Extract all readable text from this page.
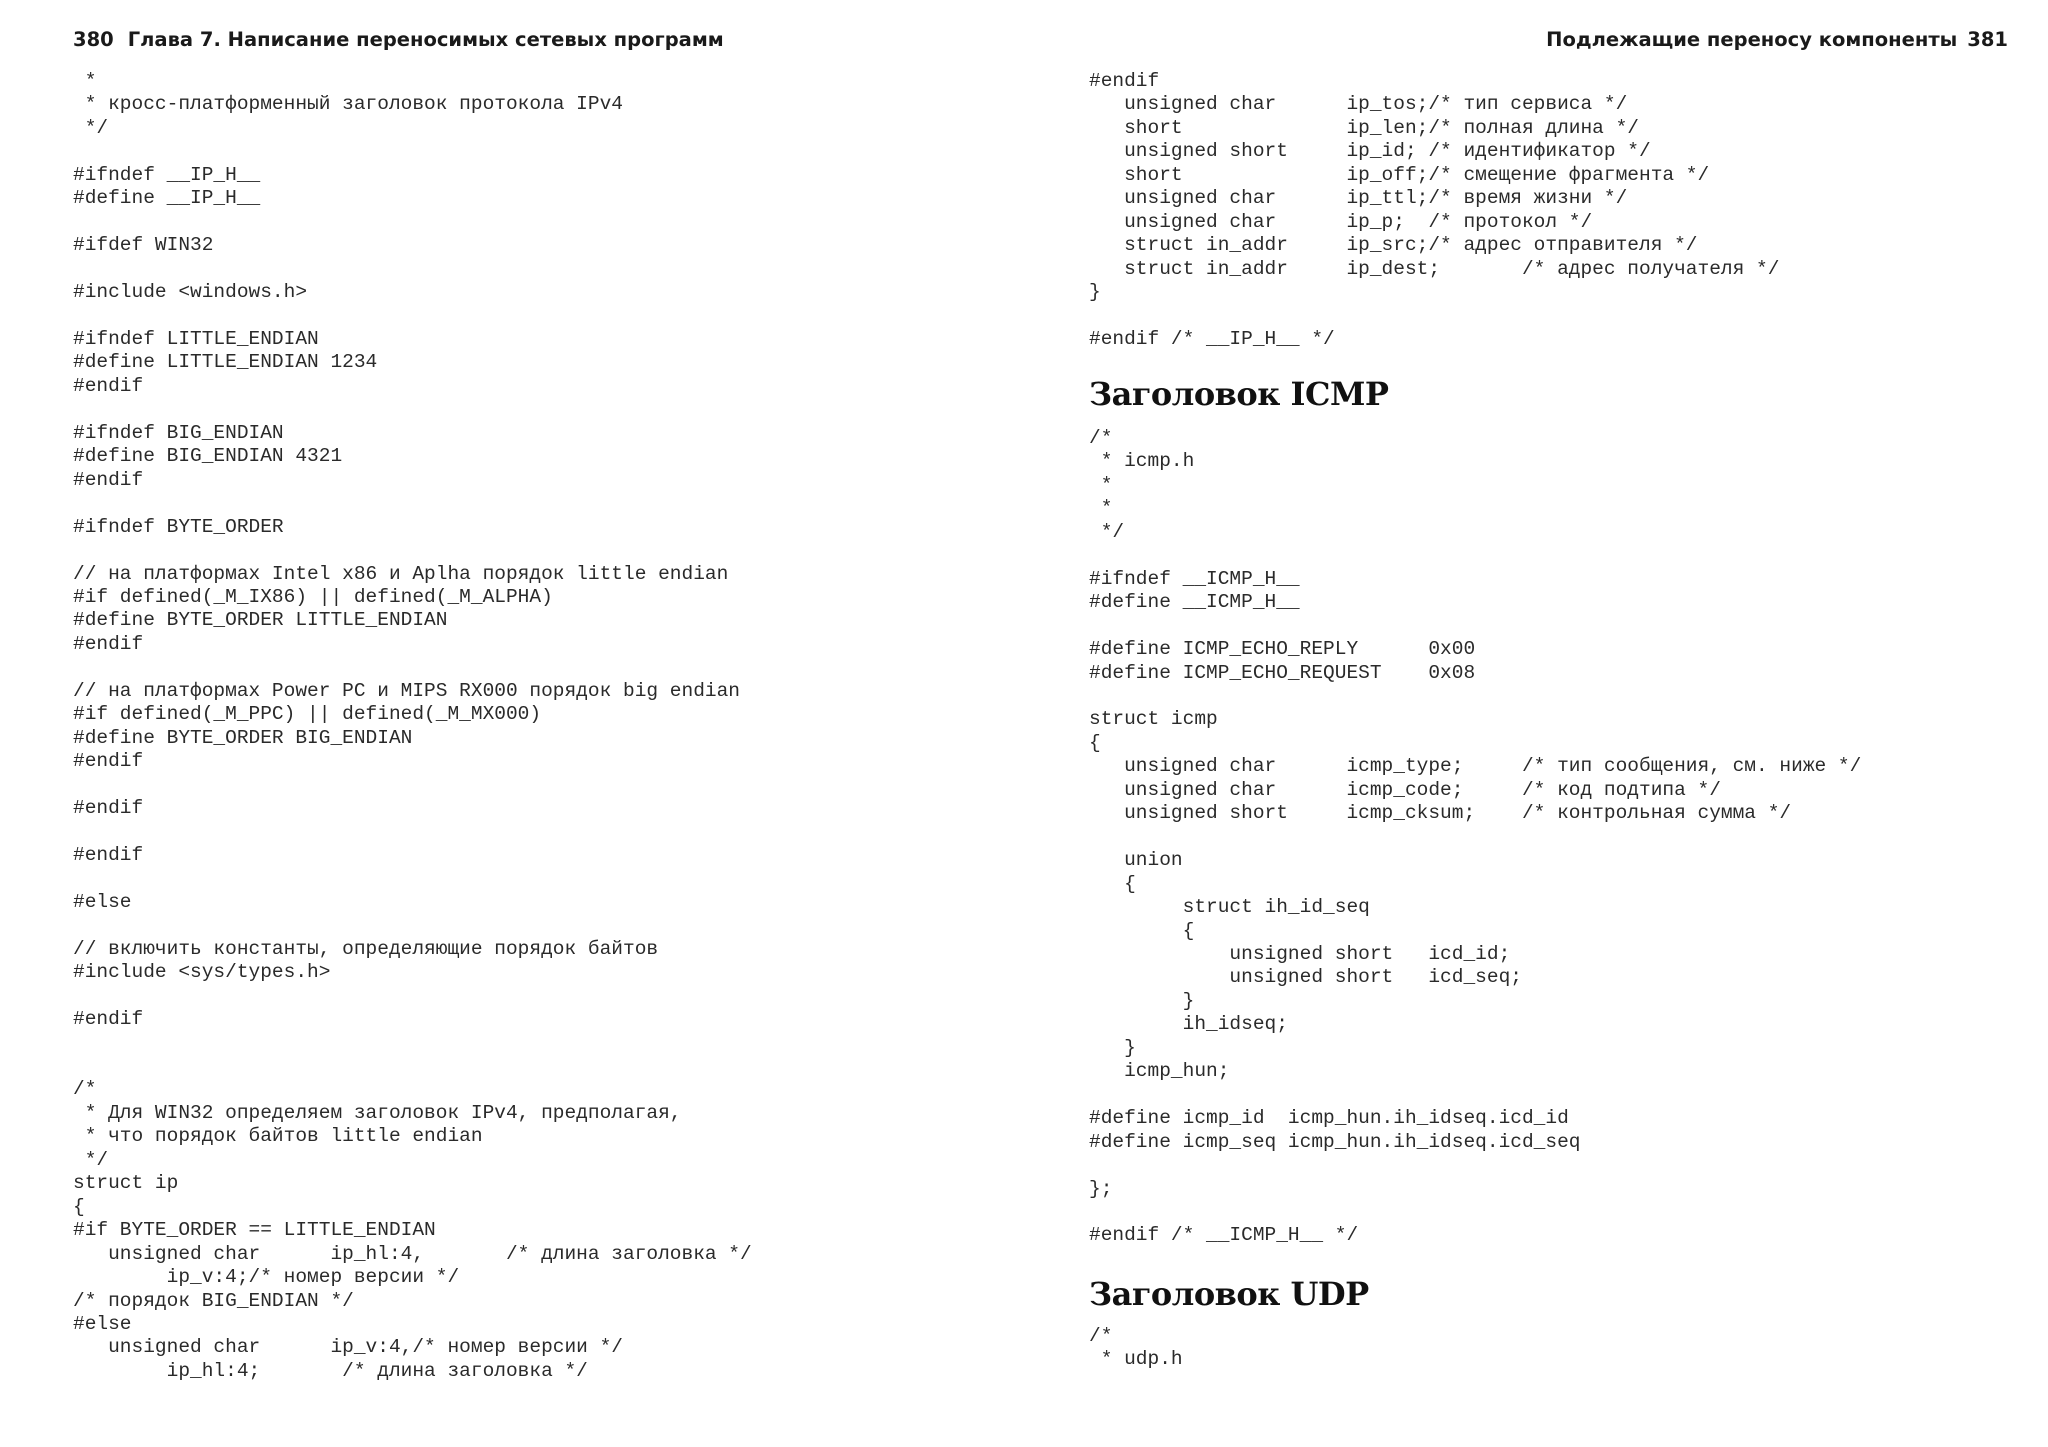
380 Глава 7. Написание переносимых сетевых программ
*
* кросс-платформенный заголовок протокола IPv4
*/

#ifndef __IP_H__
#define __IP_H__

#ifdef WIN32

#include <windows.h>

#ifndef LITTLE_ENDIAN
#define LITTLE_ENDIAN 1234
#endif

#ifndef BIG_ENDIAN
#define BIG_ENDIAN 4321
#endif

#ifndef BYTE_ORDER

// на платформах Intel x86 и Aplha порядок little endian
#if defined(_M_IX86) || defined(_M_ALPHA)
#define BYTE_ORDER LITTLE_ENDIAN
#endif

// на платформах Power PC и MIPS RX000 порядок big endian
#if defined(_M_PPC) || defined(_M_MX000)
#define BYTE_ORDER BIG_ENDIAN
#endif

#endif

#endif

#else

// включить константы, определяющие порядок байтов
#include <sys/types.h>

#endif

/*
* Для WIN32 определяем заголовок IPv4, предполагая,
* что порядок байтов little endian
*/
struct ip
{
#if BYTE_ORDER == LITTLE_ENDIAN
unsigned char      ip_hl:4,       /* длина заголовка */
ip_v:4;/* номер версии */
/* порядок BIG_ENDIAN */
#else
unsigned char      ip_v:4,/* номер версии */
ip_hl:4;       /* длина заголовка */
Подлежащие переносу компоненты 381
#endif
unsigned char      ip_tos;/* тип сервиса */
short              ip_len;/* полная длина */
unsigned short     ip_id; /* идентификатор */
short              ip_off;/* смещение фрагмента */
unsigned char      ip_ttl;/* время жизни */
unsigned char      ip_p;  /* протокол */
struct in_addr     ip_src;/* адрес отправителя */
struct in_addr     ip_dest;       /* адрес получателя */
}

#endif /* __IP_H__ */
Заголовок ICMP
/*
* icmp.h
*
*
*/

#ifndef __ICMP_H__
#define __ICMP_H__

#define ICMP_ECHO_REPLY      0x00
#define ICMP_ECHO_REQUEST    0x08

struct icmp
{
unsigned char      icmp_type;     /* тип сообщения, см. ниже */
unsigned char      icmp_code;     /* код подтипа */
unsigned short     icmp_cksum;    /* контрольная сумма */

union
{
struct ih_id_seq
{
unsigned short   icd_id;
unsigned short   icd_seq;
}
ih_idseq;
}
icmp_hun;

#define icmp_id  icmp_hun.ih_idseq.icd_id
#define icmp_seq icmp_hun.ih_idseq.icd_seq

};

#endif /* __ICMP_H__ */
Заголовок UDP
/*
* udp.h
